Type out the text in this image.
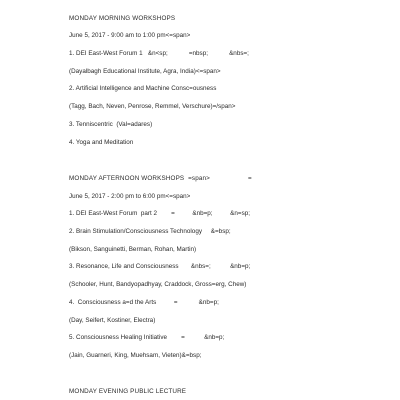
MONDAY MORNING WORKSHOPS
June 5, 2017 - 9:00 am to 1:00 pm<=span>
1. DEI East-West Forum 1   &n<sp;            =nbsp;            &nbs=;
(Dayalbagh Educational Institute, Agra, India)<=span>
2. Artificial Intelligence and Machine Consc=ousness
(Tagg, Bach, Neven, Penrose, Remmel, Verschure)=/span>
3. Tenniscentric  (Val=adares)
4. Yoga and Meditation
MONDAY AFTERNOON WORKSHOPS  =span>                    =
June 5, 2017 - 2:00 pm to 6:00 pm<=span>
1. DEI East-West Forum  part 2        =          &nb=p;          &n=sp;
2. Brain Stimulation/Consciousness Technology     &=bsp;
(Bikson, Sanguinetti, Berman, Rohan, Martin)
3. Resonance, Life and Consciousness       &nbs=;           &nb=p;
(Schooler, Hunt, Bandyopadhyay, Craddock, Gross=erg, Chew)
4.  Consciousness a=d the Arts          =            &nb=p;
(Day, Seifert, Kostiner, Electra)
5. Consciousness Healing Initiative        =           &nb=p;
(Jain, Guarneri, King, Muehsam, Vieten)&=bsp;
MONDAY EVENING PUBLIC LECTURE
